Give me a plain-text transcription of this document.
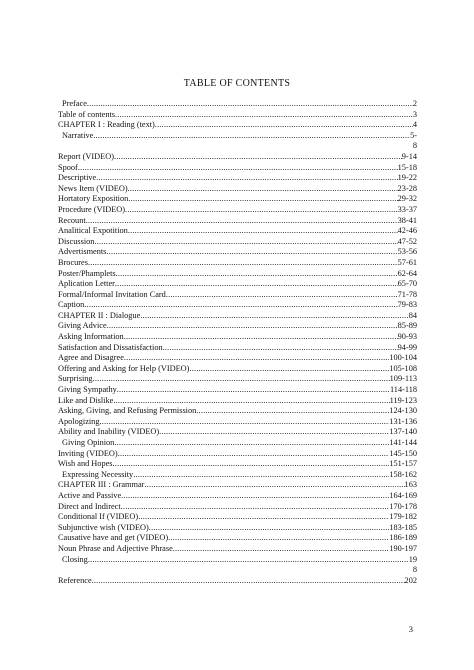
TABLE OF CONTENTS
Preface .....	2
Table of contents .....	3
CHAPTER I : Reading (text) .....	4
Narrative .....	5-
8
Report (VIDEO) .....	9-14
Spoof .....	15-18
Descriptive .....	19-22
News Item (VIDEO) .....	23-28
Hortatory Exposition .....	29-32
Procedure (VIDEO) .....	33-37
Recount .....	38-41
Analitical Expotition .....	42-46
Discussion .....	47-52
Advertisments .....	53-56
Brocures .....	57-61
Poster/Phamplets .....	62-64
Aplication Letter .....	65-70
Formal/Informal Invitation Card .....	71-78
Caption .....	79-83
CHAPTER II : Dialogue .....	84
Giving Advice .....	85-89
Asking Information .....	90-93
Satisfaction and Dissatisfaction .....	94-99
Agree and Disagree .....	100-104
Offering and Asking for Help (VIDEO) .....	105-108
Surprising .....	109-113
Giving Sympathy .....	114-118
Like and Dislike .....	119-123
Asking, Giving, and Refusing Permission .....	124-130
Apologizing .....	131-136
Ability and Inability (VIDEO) .....	137-140
Giving Opinion .....	141-144
Inviting (VIDEO) .....	145-150
Wish and Hopes .....	151-157
Expressing Necessity .....	158-162
CHAPTER III : Grammar .....	163
Active and Passive .....	164-169
Direct and Indirect .....	170-178
Conditional If (VIDEO) .....	179-182
Subjunctive wish (VIDEO) .....	183-185
Causative have and get (VIDEO) .....	186-189
Noun Phrase and Adjective Phrase .....	190-197
Closing .....	19
8
Reference .....	202
3
